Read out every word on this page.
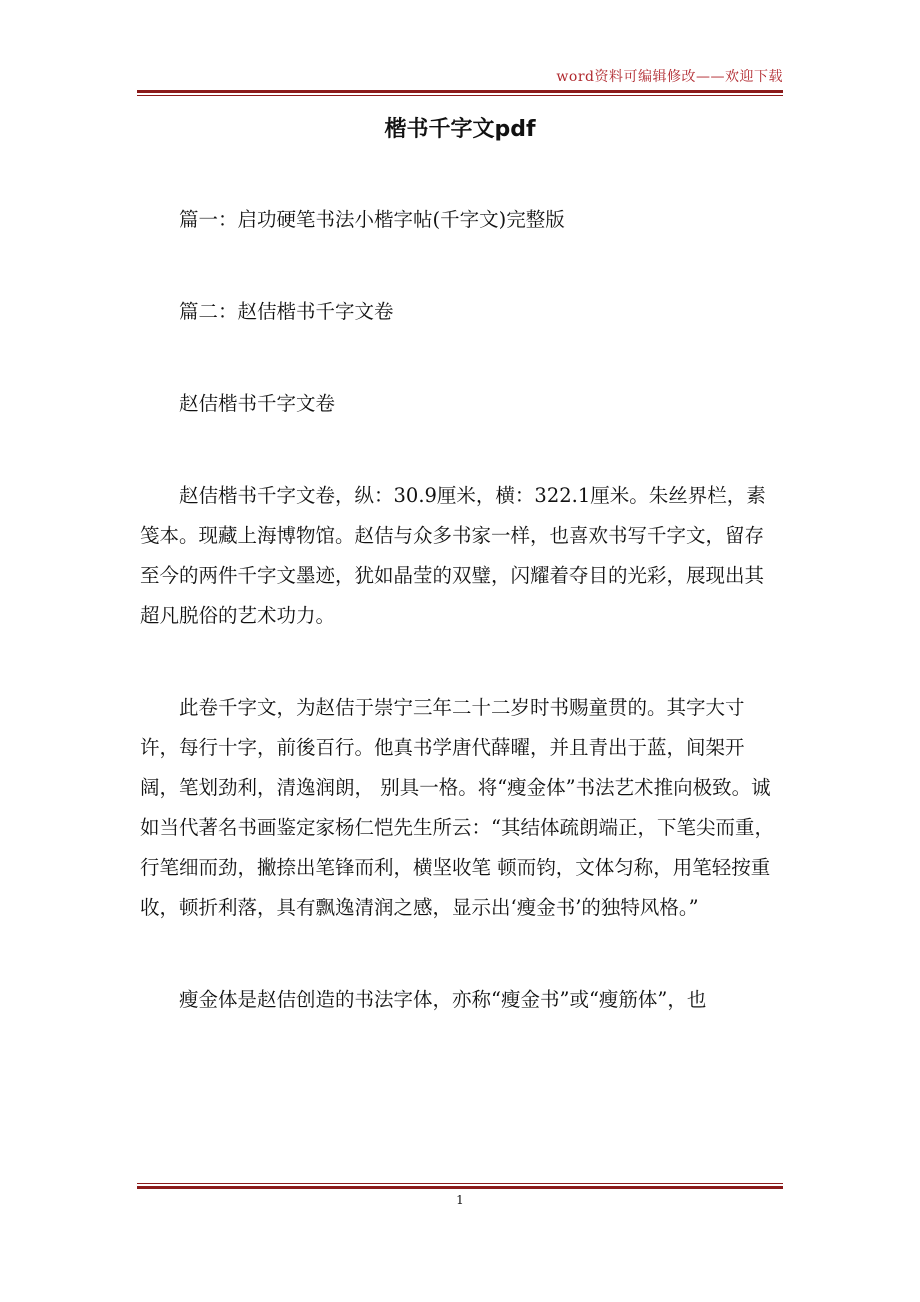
word资料可编辑修改——欢迎下载
楷书千字文pdf

篇一：启功硬笔书法小楷字帖(千字文)完整版

篇二：赵佶楷书千字文卷

赵佶楷书千字文卷

赵佶楷书千字文卷，纵：30.9厘米，横：322.1厘米。朱丝界栏，素笺本。现藏上海博物馆。赵佶与众多书家一样，也喜欢书写千字文，留存至今的两件千字文墨迹，犹如晶莹的双璧，闪耀着夺目的光彩，展现出其超凡脱俗的艺术功力。

此卷千字文，为赵佶于崇宁三年二十二岁时书赐童贯的。其字大寸许，每行十字，前後百行。他真书学唐代薛曜，并且青出于蓝，间架开阔，笔划劲利，清逸润朗， 别具一格。将“瘦金体”书法艺术推向极致。诚如当代著名书画鉴定家杨仁恺先生所云：“其结体疏朗端正，下笔尖而重，行笔细而劲，撇捺出笔锋而利，横坚收笔 顿而钧，文体匀称，用笔轻按重收，顿折利落，具有飘逸清润之感，显示出‘瘦金书’的独特风格。”

瘦金体是赵佶创造的书法字体，亦称“瘦金书”或“瘦筋体”，也

1
